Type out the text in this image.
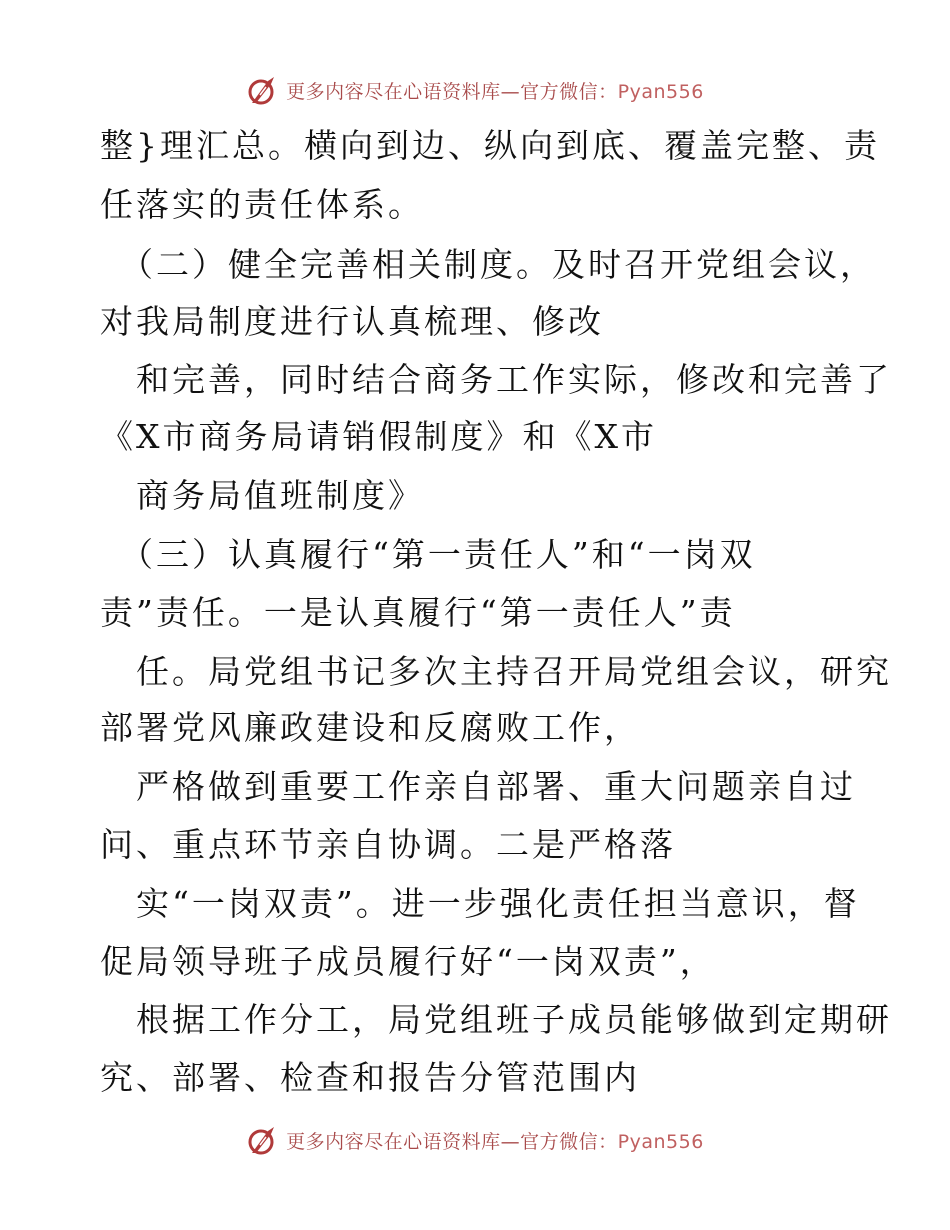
更多内容尽在心语资料库—官方微信：Pyan556
整}理汇总。横向到边、纵向到底、覆盖完整、责
任落实的责任体系。
（二）健全完善相关制度。及时召开党组会议，
对我局制度进行认真梳理、修改
和完善，同时结合商务工作实际，修改和完善了
《X市商务局请销假制度》和《X市
商务局值班制度》
（三）认真履行“第一责任人”和“一岗双
责”责任。一是认真履行“第一责任人”责
任。局党组书记多次主持召开局党组会议，研究
部署党风廉政建设和反腐败工作，
严格做到重要工作亲自部署、重大问题亲自过
问、重点环节亲自协调。二是严格落
实“一岗双责”。进一步强化责任担当意识，督
促局领导班子成员履行好“一岗双责”，
根据工作分工，局党组班子成员能够做到定期研
究、部署、检查和报告分管范围内
更多内容尽在心语资料库—官方微信：Pyan556
